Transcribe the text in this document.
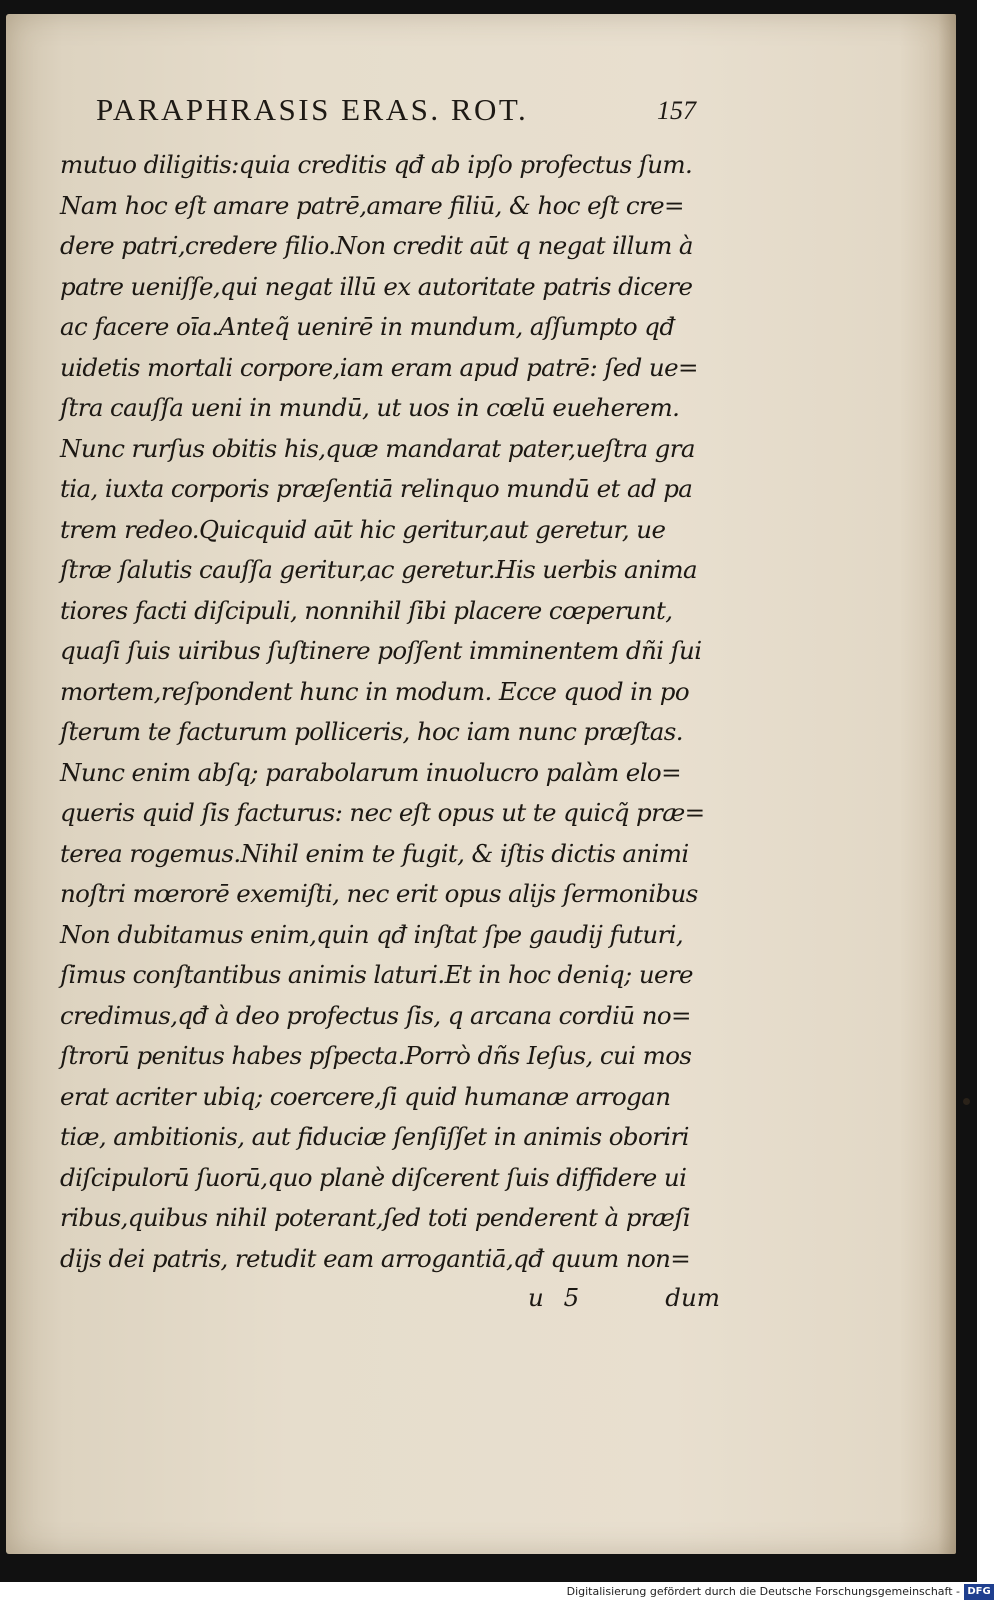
PARAPHRASIS ERAS. ROT.	157
mutuo diligitis:quia creditis qđ ab ipſo profectus ſum.
Nam hoc eſt amare patrē,amare filiū, & hoc eſt cre=
dere patri,credere filio.Non credit aūt q negat illum à
patre ueniſſe,qui negat illū ex autoritate patris dicere
ac facere oīa.Anteq̃ uenirē in mundum, aſſumpto qđ
uidetis mortali corpore,iam eram apud patrē: ſed ue=
ſtra cauſſa ueni in mundū, ut uos in cœlū eueherem.
Nunc rurſus obitis his,quæ mandarat pater,ueſtra gra
tia, iuxta corporis præſentiā relinquo mundū et ad pa
trem redeo.Quicquid aūt hic geritur,aut geretur, ue
ſtræ ſalutis cauſſa geritur,ac geretur.His uerbis anima
tiores facti diſcipuli, nonnihil ſibi placere cœperunt,
quaſi ſuis uiribus ſuſtinere poſſent imminentem dñi ſui
mortem,reſpondent hunc in modum. Ecce quod in po
ſterum te facturum polliceris, hoc iam nunc præſtas.
Nunc enim abſq; parabolarum inuolucro palàm elo=
queris quid ſis facturus: nec eſt opus ut te quicq̃ præ=
terea rogemus.Nihil enim te fugit, & iſtis dictis animi
noſtri mœrorē exemiſti, nec erit opus alijs ſermonibus
Non dubitamus enim,quin qđ inſtat ſpe gaudij futuri,
ſimus conſtantibus animis laturi.Et in hoc deniq; uere
credimus,qđ à deo profectus ſis, q arcana cordiū no=
ſtrorū penitus habes pſpecta.Porrò dñs Ieſus, cui mos
erat acriter ubiq; coercere,ſi quid humanæ arrogan
tiæ, ambitionis, aut fiduciæ ſenſiſſet in animis oboriri
diſcipulorū ſuorū,quo planè diſcerent ſuis diffidere ui
ribus,quibus nihil poterant,ſed toti penderent à præſi
dijs dei patris, retudit eam arrogantiā,qđ quum non=
u 5	dum
Digitalisierung gefördert durch die Deutsche Forschungsgemeinschaft - DFG
